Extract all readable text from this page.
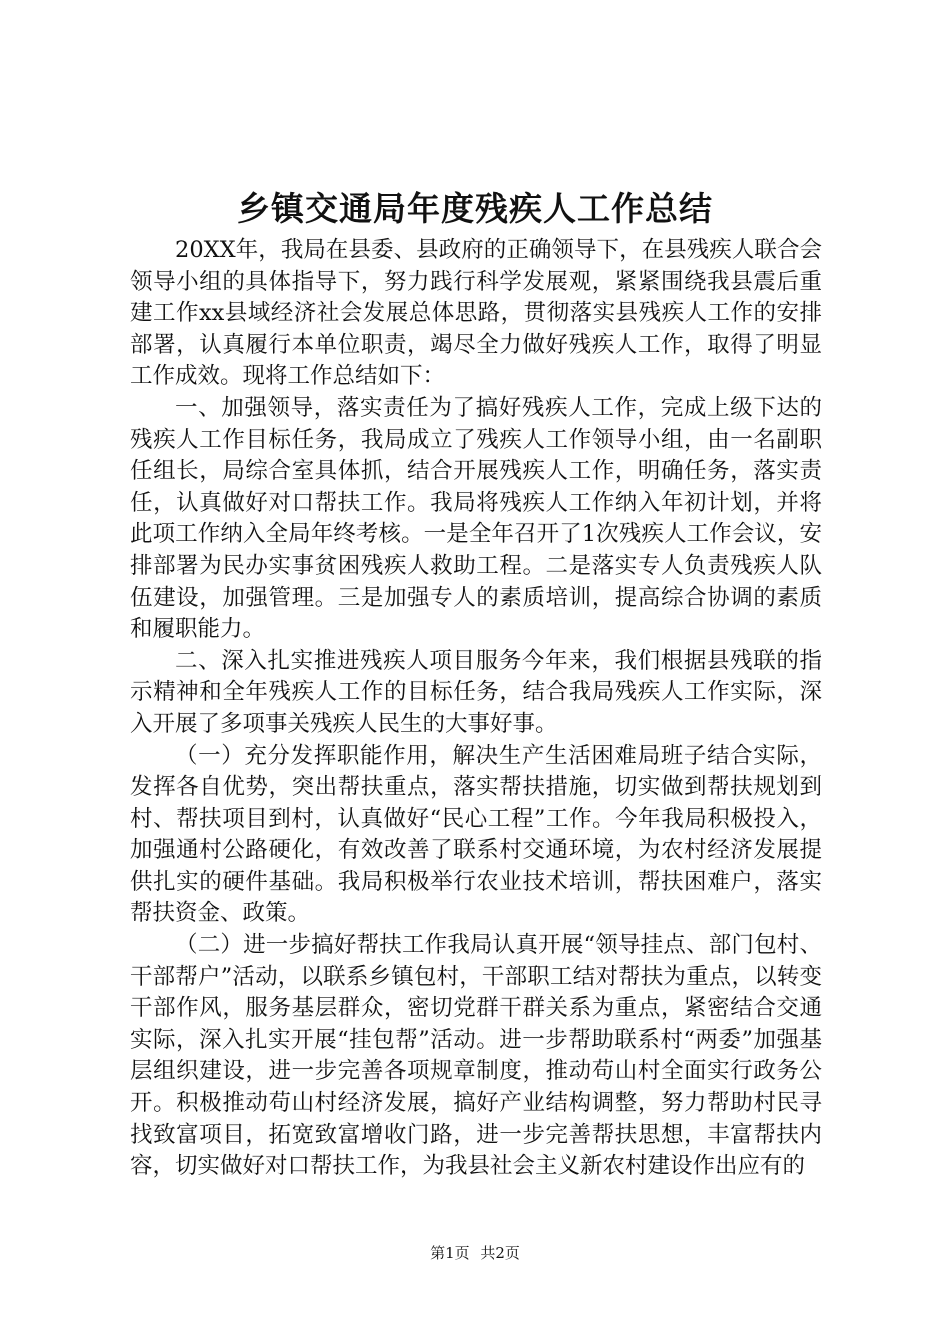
乡镇交通局年度残疾人工作总结

20XX年，我局在县委、县政府的正确领导下，在县残疾人联合会领导小组的具体指导下，努力践行科学发展观，紧紧围绕我县震后重建工作xx县域经济社会发展总体思路，贯彻落实县残疾人工作的安排部署，认真履行本单位职责，竭尽全力做好残疾人工作，取得了明显工作成效。现将工作总结如下：

一、加强领导，落实责任为了搞好残疾人工作，完成上级下达的残疾人工作目标任务，我局成立了残疾人工作领导小组，由一名副职任组长，局综合室具体抓，结合开展残疾人工作，明确任务，落实责任，认真做好对口帮扶工作。我局将残疾人工作纳入年初计划，并将此项工作纳入全局年终考核。一是全年召开了1次残疾人工作会议，安排部署为民办实事贫困残疾人救助工程。二是落实专人负责残疾人队伍建设，加强管理。三是加强专人的素质培训，提高综合协调的素质和履职能力。

二、深入扎实推进残疾人项目服务今年来，我们根据县残联的指示精神和全年残疾人工作的目标任务，结合我局残疾人工作实际，深入开展了多项事关残疾人民生的大事好事。

（一）充分发挥职能作用，解决生产生活困难局班子结合实际，发挥各自优势，突出帮扶重点，落实帮扶措施，切实做到帮扶规划到村、帮扶项目到村，认真做好“民心工程”工作。今年我局积极投入，加强通村公路硬化，有效改善了联系村交通环境，为农村经济发展提供扎实的硬件基础。我局积极举行农业技术培训，帮扶困难户，落实帮扶资金、政策。

（二）进一步搞好帮扶工作我局认真开展“领导挂点、部门包村、干部帮户”活动，以联系乡镇包村，干部职工结对帮扶为重点，以转变干部作风，服务基层群众，密切党群干群关系为重点，紧密结合交通实际，深入扎实开展“挂包帮”活动。进一步帮助联系村“两委”加强基层组织建设，进一步完善各项规章制度，推动苟山村全面实行政务公开。积极推动苟山村经济发展，搞好产业结构调整，努力帮助村民寻找致富项目，拓宽致富增收门路，进一步完善帮扶思想，丰富帮扶内容，切实做好对口帮扶工作，为我县社会主义新农村建设作出应有的

第1页 共2页
